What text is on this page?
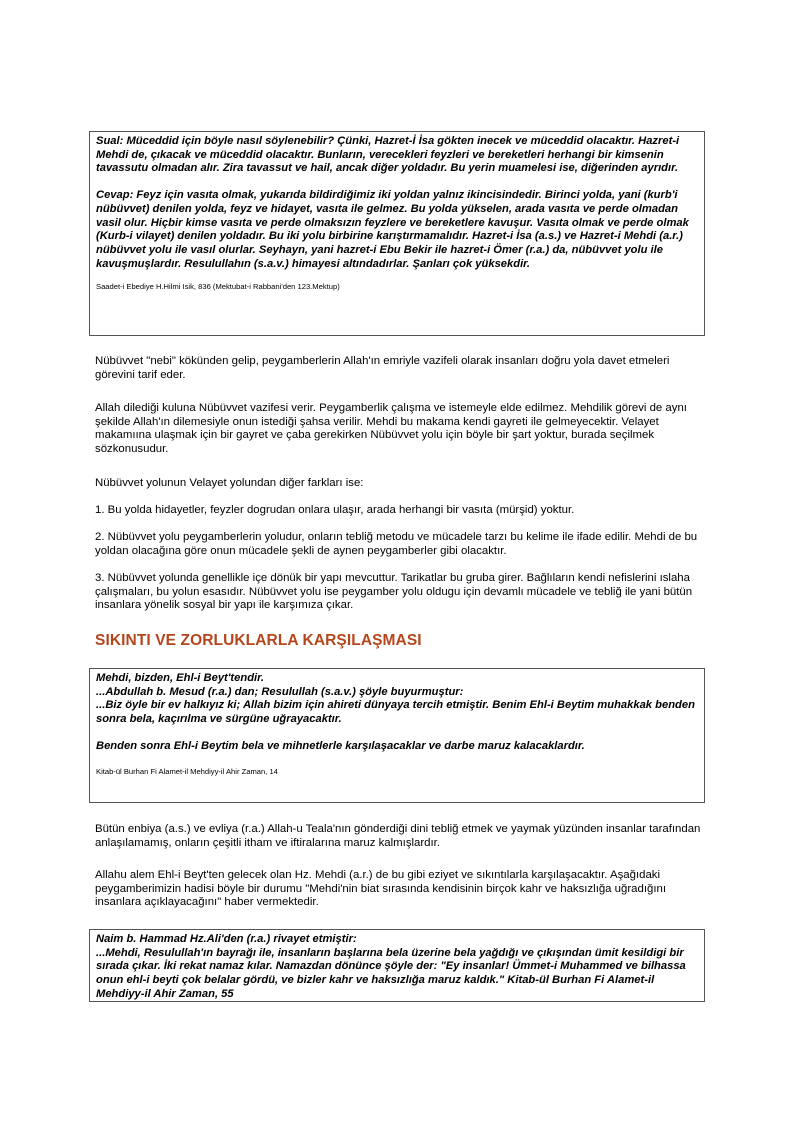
Sual: Müceddid için böyle nasıl söylenebilir? Çünki, Hazret-İ İsa gökten inecek ve müceddid olacaktır. Hazret-i Mehdi de, çıkacak ve müceddid olacaktır. Bunların, verecekleri feyzleri ve bereketleri herhangi bir kimsenin tavassutu olmadan alır. Zira tavassut ve hail, ancak diğer yoldadır. Bu yerin muamelesi ise, diğerinden ayrıdır.

Cevap: Feyz için vasıta olmak, yukarıda bildirdiğimiz iki yoldan yalnız ikincisindedir. Birinci yolda, yani (kurb'i nübüvvet) denilen yolda, feyz ve hidayet, vasıta ile gelmez. Bu yolda yükselen, arada vasıta ve perde olmadan vasil olur. Hiçbir kimse vasıta ve perde olmaksızın feyzlere ve bereketlere kavuşur. Vasıta olmak ve perde olmak (Kurb-i vilayet) denilen yoldadır. Bu iki yolu birbirine karıştırmamalıdır. Hazret-i İsa (a.s.) ve Hazret-i Mehdi (a.r.) nübüvvet yolu ile vasıl olurlar. Seyhayn, yani hazret-i Ebu Bekir ile hazret-i Ömer (r.a.) da, nübüvvet yolu ile kavuşmuşlardır. Resulullahın (s.a.v.) himayesi altındadırlar. Şanları çok yüksekdir.

Saadet-i Ebediye H.Hilmi Isik, 836 (Mektubat-i Rabbani'den 123.Mektup)

Nübüvvet "nebi" kökünden gelip, peygamberlerin Allah'ın emriyle vazifeli olarak insanları doğru yola davet etmeleri görevini tarif eder.

Allah dilediği kuluna Nübüvvet vazifesi verir. Peygamberlik çalışma ve istemeyle elde edilmez. Mehdilik görevi de aynı şekilde Allah'ın dilemesiyle onun istediği şahsa verilir. Mehdi bu makama kendi gayreti ile gelmeyecektir. Velayet makamıına ulaşmak için bir gayret ve çaba gerekirken Nübüvvet yolu için böyle bir şart yoktur, burada seçilmek sözkonusudur.

Nübüvvet yolunun Velayet yolundan diğer farkları ise:

1. Bu yolda hidayetler, feyzler dogrudan onlara ulaşır, arada herhangi bir vasıta (mürşid) yoktur.

2. Nübüvvet yolu peygamberlerin yoludur, onların tebliğ metodu ve mücadele tarzı bu kelime ile ifade edilir. Mehdi de bu yoldan olacağına göre onun mücadele şekli de aynen peygamberler gibi olacaktır.

3. Nübüvvet yolunda genellikle içe dönük bir yapı mevcuttur. Tarikatlar bu gruba girer. Bağlıların kendi nefislerini ıslaha çalışmaları, bu yolun esasıdır. Nübüvvet yolu ise peygamber yolu oldugu için devamlı mücadele ve tebliğ ile yani bütün insanlara yönelik sosyal bir yapı ile karşımıza çıkar.

SIKINTI VE ZORLUKLARLA KARŞILAŞMASI

Mehdi, bizden, Ehl-i Beyt'tendir.

...Abdullah b. Mesud (r.a.) dan; Resulullah (s.a.v.) şöyle buyurmuştur:

...Biz öyle bir ev halkıyız ki; Allah bizim için ahireti dünyaya tercih etmiştir. Benim Ehl-i Beytim muhakkak benden sonra bela, kaçırılma ve sürgüne uğrayacaktır.

Benden sonra Ehl-i Beytim bela ve mihnetlerle karşılaşacaklar ve darbe maruz kalacaklardır.

Kitab-ül Burhan Fi Alamet-il Mehdiyy-il Ahir Zaman, 14

Bütün enbiya (a.s.) ve evliya (r.a.) Allah-u Teala'nın gönderdiği dini tebliğ etmek ve yaymak yüzünden insanlar tarafından anlaşılamamış, onların çeşitli itham ve iftiralarına maruz kalmışlardır.

Allahu alem Ehl-i Beyt'ten gelecek olan Hz. Mehdi (a.r.) de bu gibi eziyet ve sıkıntılarla karşılaşacaktır. Aşağıdaki peygamberimizin hadisi böyle bir durumu "Mehdi'nin biat sırasında kendisinin birçok kahr ve haksızlığa uğradığını insanlara açıklayacağını" haber vermektedir.

Naim b. Hammad Hz.Ali'den (r.a.) rivayet etmiştir:

...Mehdi, Resulullah'ın bayrağı ile, insanların başlarına bela üzerine bela yağdığı ve çıkışından ümit kesildigi bir sırada çıkar. İki rekat namaz kılar. Namazdan dönünce şöyle der: "Ey insanlar! Ümmet-i Muhammed ve bilhassa onun ehl-i beyti çok belalar gördü, ve bizler kahr ve haksızlığa maruz kaldık." Kitab-ül Burhan Fi Alamet-il Mehdiyy-il Ahir Zaman, 55
